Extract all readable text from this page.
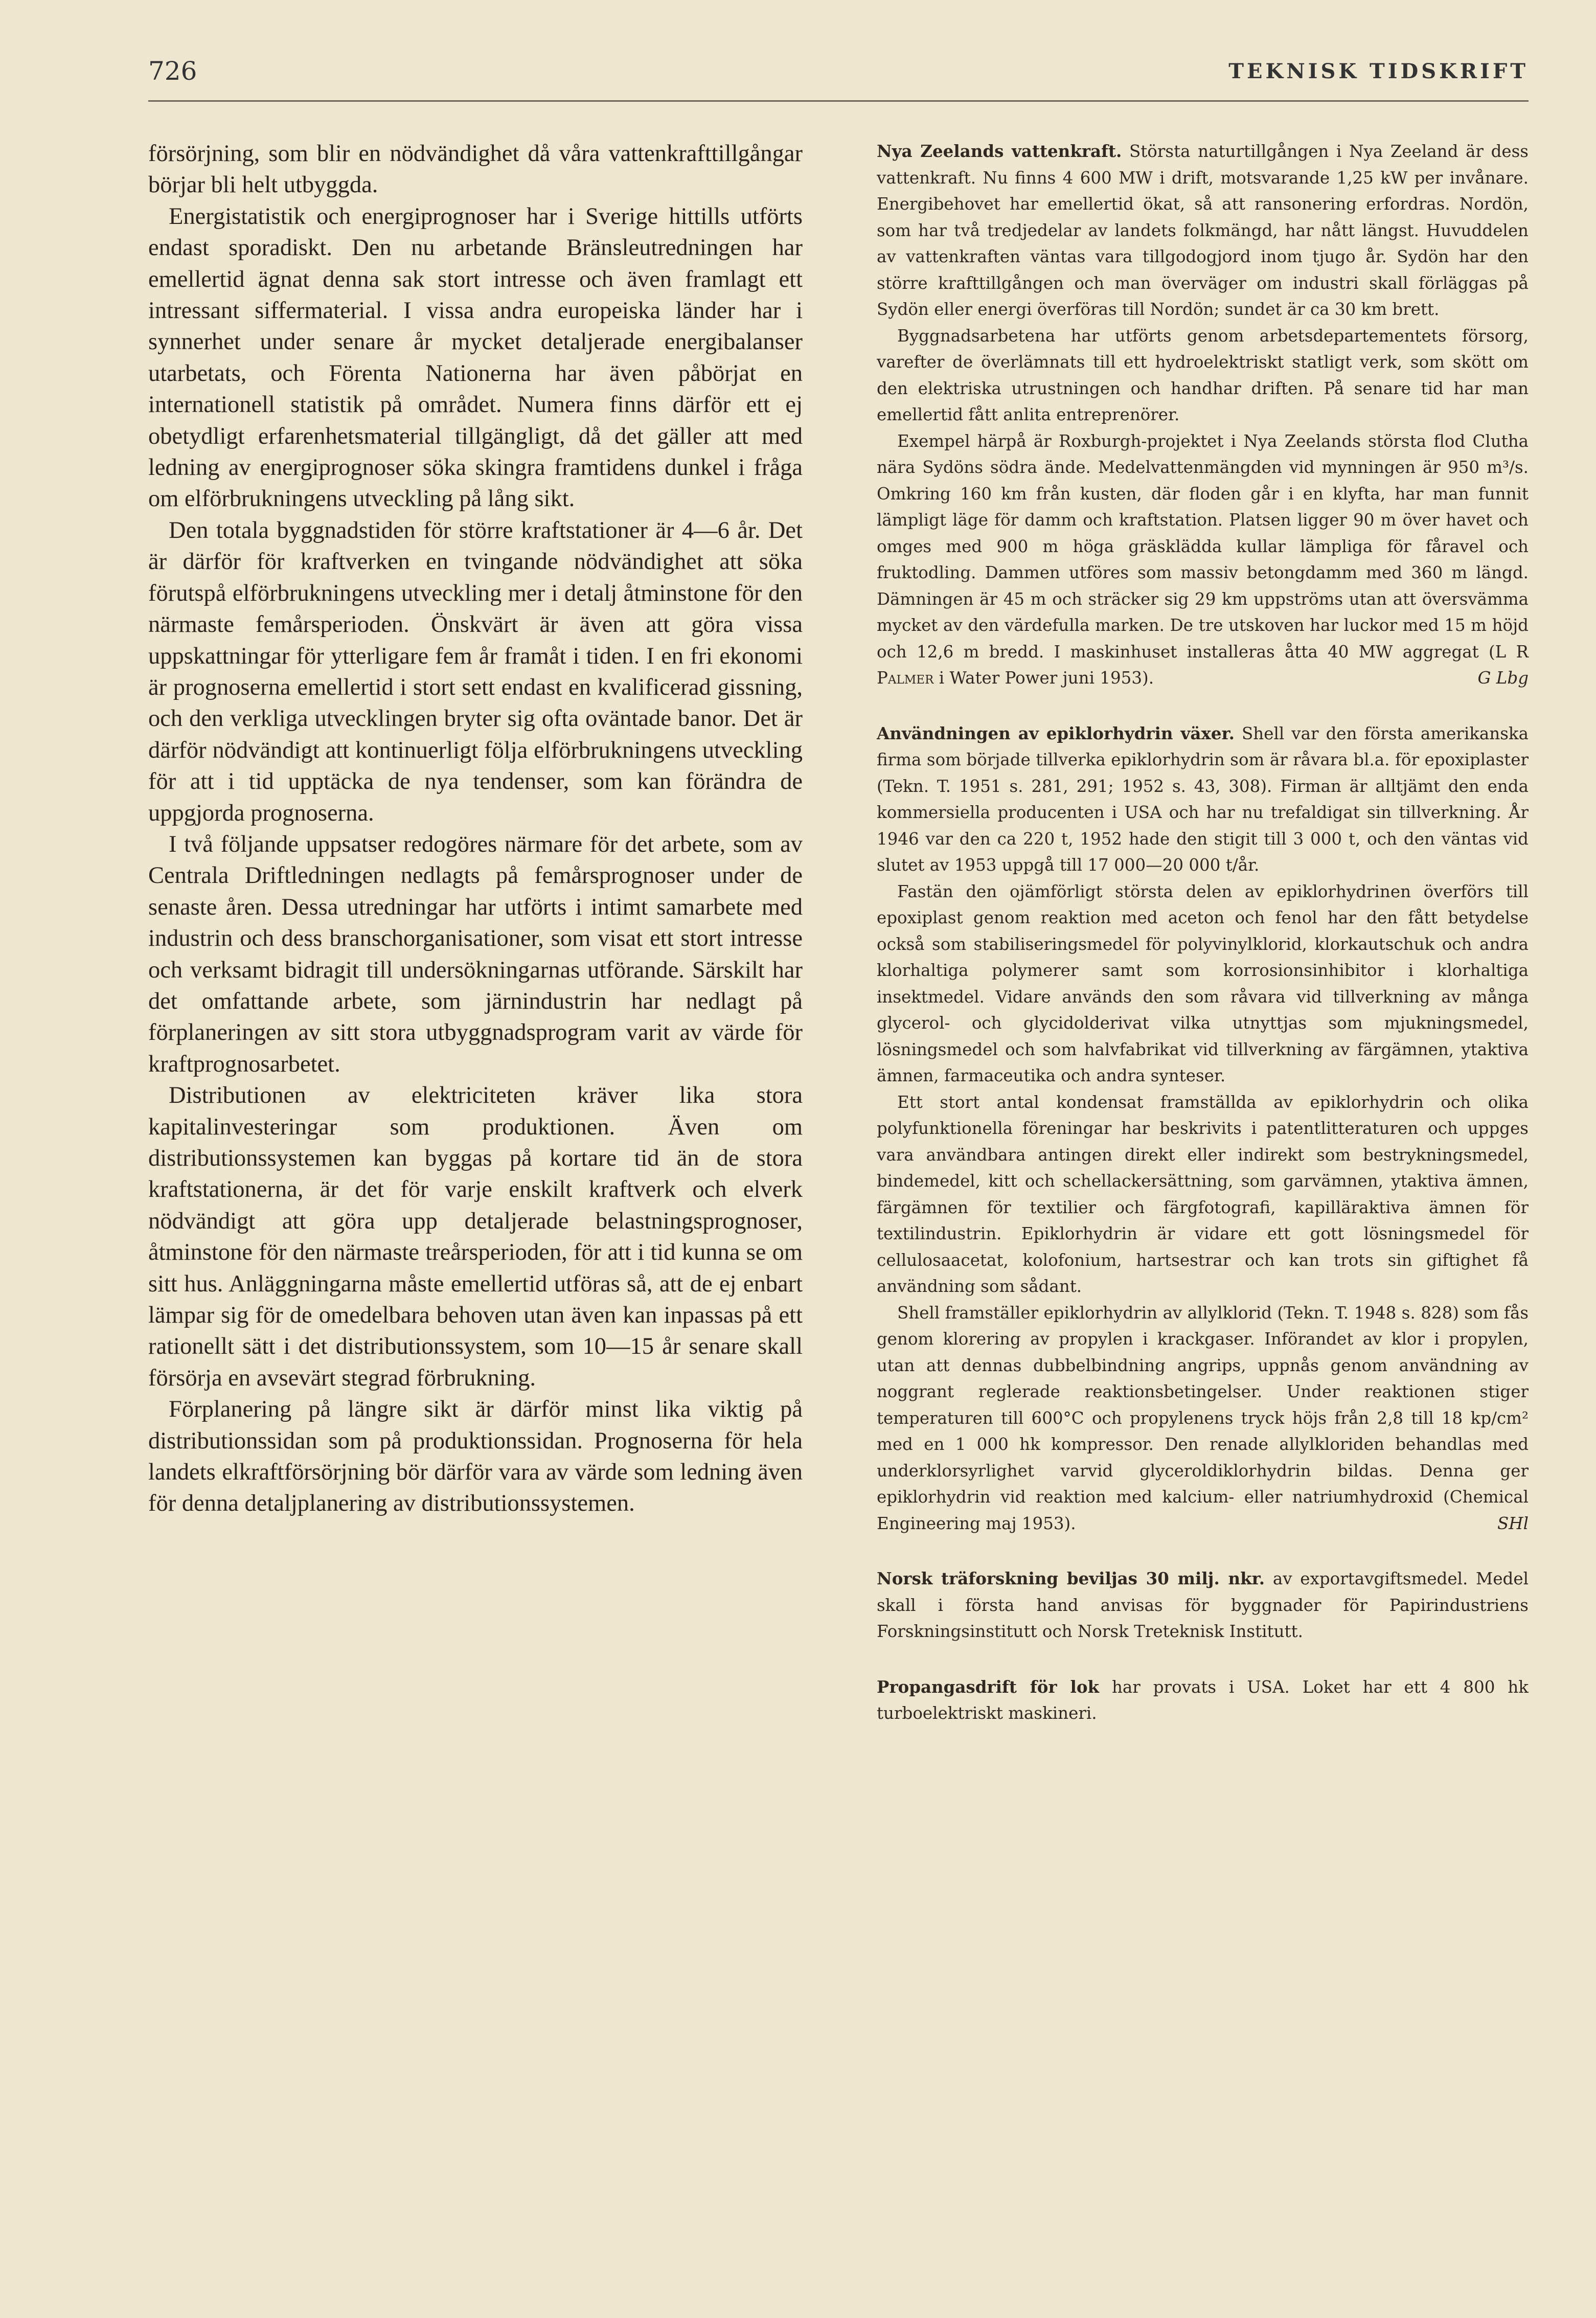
726	TEKNISK TIDSKRIFT

försörjning, som blir en nödvändighet då våra vattenkrafttillgångar börjar bli helt utbyggda.

Energistatistik och energiprognoser har i Sverige hittills utförts endast sporadiskt. Den nu arbetande Bränsleutredningen har emellertid ägnat denna sak stort intresse och även framlagt ett intressant siffermaterial. I vissa andra europeiska länder har i synnerhet under senare år mycket detaljerade energibalanser utarbetats, och Förenta Nationerna har även påbörjat en internationell statistik på området. Numera finns därför ett ej obetydligt erfarenhetsmaterial tillgängligt, då det gäller att med ledning av energiprognoser söka skingra framtidens dunkel i fråga om elförbrukningens utveckling på lång sikt.

Den totala byggnadstiden för större kraftstationer är 4—6 år. Det är därför för kraftverken en tvingande nödvändighet att söka förutspå elförbrukningens utveckling mer i detalj åtminstone för den närmaste femårsperioden. Önskvärt är även att göra vissa uppskattningar för ytterligare fem år framåt i tiden. I en fri ekonomi är prognoserna emellertid i stort sett endast en kvalificerad gissning, och den verkliga utvecklingen bryter sig ofta oväntade banor. Det är därför nödvändigt att kontinuerligt följa elförbrukningens utveckling för att i tid upptäcka de nya tendenser, som kan förändra de uppgjorda prognoserna.

I två följande uppsatser redogöres närmare för det arbete, som av Centrala Driftledningen nedlagts på femårsprognoser under de senaste åren. Dessa utredningar har utförts i intimt samarbete med industrin och dess branschorganisationer, som visat ett stort intresse och verksamt bidragit till undersökningarnas utförande. Särskilt har det omfattande arbete, som järnindustrin har nedlagt på förplaneringen av sitt stora utbyggnadsprogram varit av värde för kraftprognosarbetet.

Distributionen av elektriciteten kräver lika stora kapitalinvesteringar som produktionen. Även om distributionssystemen kan byggas på kortare tid än de stora kraftstationerna, är det för varje enskilt kraftverk och elverk nödvändigt att göra upp detaljerade belastningsprognoser, åtminstone för den närmaste treårsperioden, för att i tid kunna se om sitt hus. Anläggningarna måste emellertid utföras så, att de ej enbart lämpar sig för de omedelbara behoven utan även kan inpassas på ett rationellt sätt i det distributionssystem, som 10—15 år senare skall försörja en avsevärt stegrad förbrukning.

Förplanering på längre sikt är därför minst lika viktig på distributionssidan som på produktionssidan. Prognoserna för hela landets elkraftförsörjning bör därför vara av värde som ledning även för denna detaljplanering av distributionssystemen.

Nya Zeelands vattenkraft. Största naturtillgången i Nya Zeeland är dess vattenkraft. Nu finns 4 600 MW i drift, motsvarande 1,25 kW per invånare. Energibehovet har emellertid ökat, så att ransonering erfordras. Nordön, som har två tredjedelar av landets folkmängd, har nått längst. Huvuddelen av vattenkraften väntas vara tillgodogjord inom tjugo år. Sydön har den större krafttillgången och man överväger om industri skall förläggas på Sydön eller energi överföras till Nordön; sundet är ca 30 km brett.

Byggnadsarbetena har utförts genom arbetsdepartementets försorg, varefter de överlämnats till ett hydroelektriskt statligt verk, som skött om den elektriska utrustningen och handhar driften. På senare tid har man emellertid fått anlita entreprenörer.

Exempel härpå är Roxburgh-projektet i Nya Zeelands största flod Clutha nära Sydöns södra ände. Medelvattenmängden vid mynningen är 950 m³/s. Omkring 160 km från kusten, där floden går i en klyfta, har man funnit lämpligt läge för damm och kraftstation. Platsen ligger 90 m över havet och omges med 900 m höga gräsklädda kullar lämpliga för fåravel och fruktodling. Dammen utföres som massiv betongdamm med 360 m längd. Dämningen är 45 m och sträcker sig 29 km uppströms utan att översvämma mycket av den värdefulla marken. De tre utskoven har luckor med 15 m höjd och 12,6 m bredd. I maskinhuset installeras åtta 40 MW aggregat (L R Palmer i Water Power juni 1953).	G Lbg

Användningen av epiklorhydrin växer. Shell var den första amerikanska firma som började tillverka epiklorhydrin som är råvara bl.a. för epoxiplaster (Tekn. T. 1951 s. 281, 291; 1952 s. 43, 308). Firman är alltjämt den enda kommersiella producenten i USA och har nu trefaldigat sin tillverkning. År 1946 var den ca 220 t, 1952 hade den stigit till 3 000 t, och den väntas vid slutet av 1953 uppgå till 17 000—20 000 t/år.

Fastän den ojämförligt största delen av epiklorhydrinen överförs till epoxiplast genom reaktion med aceton och fenol har den fått betydelse också som stabiliseringsmedel för polyvinylklorid, klorkautschuk och andra klorhaltiga polymerer samt som korrosionsinhibitor i klorhaltiga insektmedel. Vidare används den som råvara vid tillverkning av många glycerol- och glycidolderivat vilka utnyttjas som mjukningsmedel, lösningsmedel och som halvfabrikat vid tillverkning av färgämnen, ytaktiva ämnen, farmaceutika och andra synteser.

Ett stort antal kondensat framställda av epiklorhydrin och olika polyfunktionella föreningar har beskrivits i patentlitteraturen och uppges vara användbara antingen direkt eller indirekt som bestrykningsmedel, bindemedel, kitt och schellackersättning, som garvämnen, ytaktiva ämnen, färgämnen för textilier och färgfotografi, kapilläraktiva ämnen för textilindustrin. Epiklorhydrin är vidare ett gott lösningsmedel för cellulosaacetat, kolofonium, hartsestrar och kan trots sin giftighet få användning som sådant.

Shell framställer epiklorhydrin av allylklorid (Tekn. T. 1948 s. 828) som fås genom klorering av propylen i krackgaser. Införandet av klor i propylen, utan att dennas dubbelbindning angrips, uppnås genom användning av noggrant reglerade reaktionsbetingelser. Under reaktionen stiger temperaturen till 600°C och propylenens tryck höjs från 2,8 till 18 kp/cm² med en 1 000 hk kompressor. Den renade allylkloriden behandlas med underklorsyrlighet varvid glyceroldiklorhydrin bildas. Denna ger epiklorhydrin vid reaktion med kalcium- eller natriumhydroxid (Chemical Engineering maj 1953).	SHl

Norsk träforskning beviljas 30 milj. nkr. av exportavgiftsmedel. Medel skall i första hand anvisas för byggnader för Papirindustriens Forskningsinstitutt och Norsk Treteknisk Institutt.

Propangasdrift för lok har provats i USA. Loket har ett 4 800 hk turboelektriskt maskineri.
